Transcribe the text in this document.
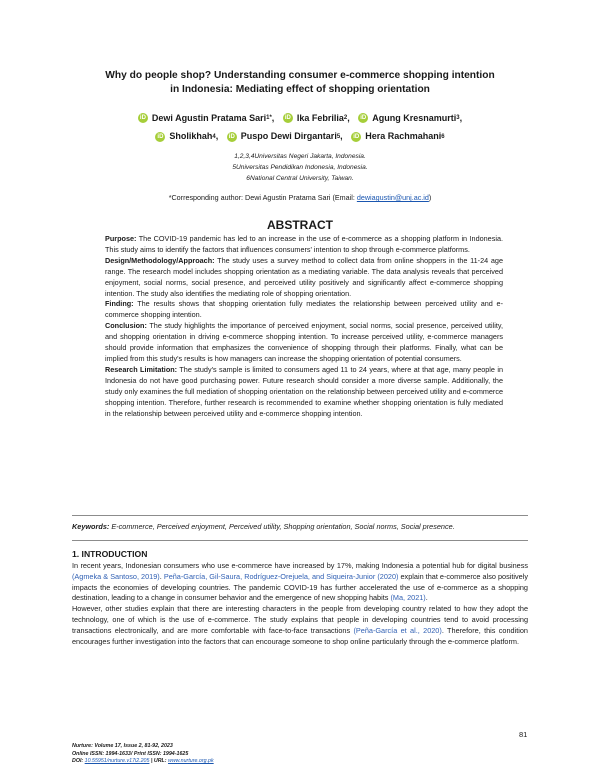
Why do people shop? Understanding consumer e-commerce shopping intention
in Indonesia: Mediating effect of shopping orientation
iD Dewi Agustin Pratama Sari 1* ,	iD Ika Febrilia 2 ,	iD Agung Kresnamurti 3 ,
iD Sholikhah 4 ,	iD Puspo Dewi Dirgantari 5 ,	iD Hera Rachmahani 6
1,2,3,4Universitas Negeri Jakarta, Indonesia.
5Universitas Pendidikan Indonesia, Indonesia.
6National Central University, Taiwan.
*Corresponding author: Dewi Agustin Pratama Sari (Email: dewiagustin@unj.ac.id)
ABSTRACT

Purpose: The COVID-19 pandemic has led to an increase in the use of e-commerce as a shopping platform in Indonesia. This study aims to identify the factors that influences consumers' intention to shop through e-commerce platforms.

Design/Methodology/Approach: The study uses a survey method to collect data from online shoppers in the 11-24 age range. The research model includes shopping orientation as a mediating variable. The data analysis reveals that perceived enjoyment, social norms, social presence, and perceived utility positively and significantly affect e-commerce shopping intention. The study also identifies the mediating role of shopping orientation.

Finding: The results shows that shopping orientation fully mediates the relationship between perceived utility and e-commerce shopping intention.

Conclusion: The study highlights the importance of perceived enjoyment, social norms, social presence, perceived utility, and shopping orientation in driving e-commerce shopping intention. To increase perceived utility, e-commerce managers should provide information that emphasizes the convenience of shopping through their platforms. Finally, what can be implied from this study's results is how managers can increase the shopping orientation of potential consumers.

Research Limitation: The study's sample is limited to consumers aged 11 to 24 years, where at that age, many people in Indonesia do not have good purchasing power. Future research should consider a more diverse sample. Additionally, the study only examines the full mediation of shopping orientation on the relationship between perceived utility and e-commerce shopping intention. Therefore, further research is recommended to examine whether shopping orientation is fully mediated in the relationship between perceived utility and e-commerce shopping intention.

Keywords: E-commerce, Perceived enjoyment, Perceived utility, Shopping orientation, Social norms, Social presence.
1. INTRODUCTION

In recent years, Indonesian consumers who use e-commerce have increased by 17%, making Indonesia a potential hub for digital business (Agmeka & Santoso, 2019). Peña-García, Gil-Saura, Rodríguez-Orejuela, and Siqueira-Junior (2020) explain that e-commerce also positively impacts the economies of developing countries. The pandemic COVID-19 has further accelerated the use of e-commerce as a shopping destination, leading to a change in consumer behavior and the emergence of new shopping habits (Ma, 2021).

However, other studies explain that there are interesting characters in the people from developing country related to how they adopt the technology, one of which is the use of e-commerce. The study explains that people in developing countries tend to avoid processing transactions electronically, and are more comfortable with face-to-face transactions (Peña-García et al., 2020). Therefore, this condition encourages further investigation into the factors that can encourage someone to shop online particularly through the e-commerce platform.

81
Nurture: Volume 17, Issue 2, 81-92, 2023
Online ISSN: 1994-1633/ Print ISSN: 1994-1625
DOI: 10.55951/nurture.v17i2.205 | URL: www.nurture.org.pk
